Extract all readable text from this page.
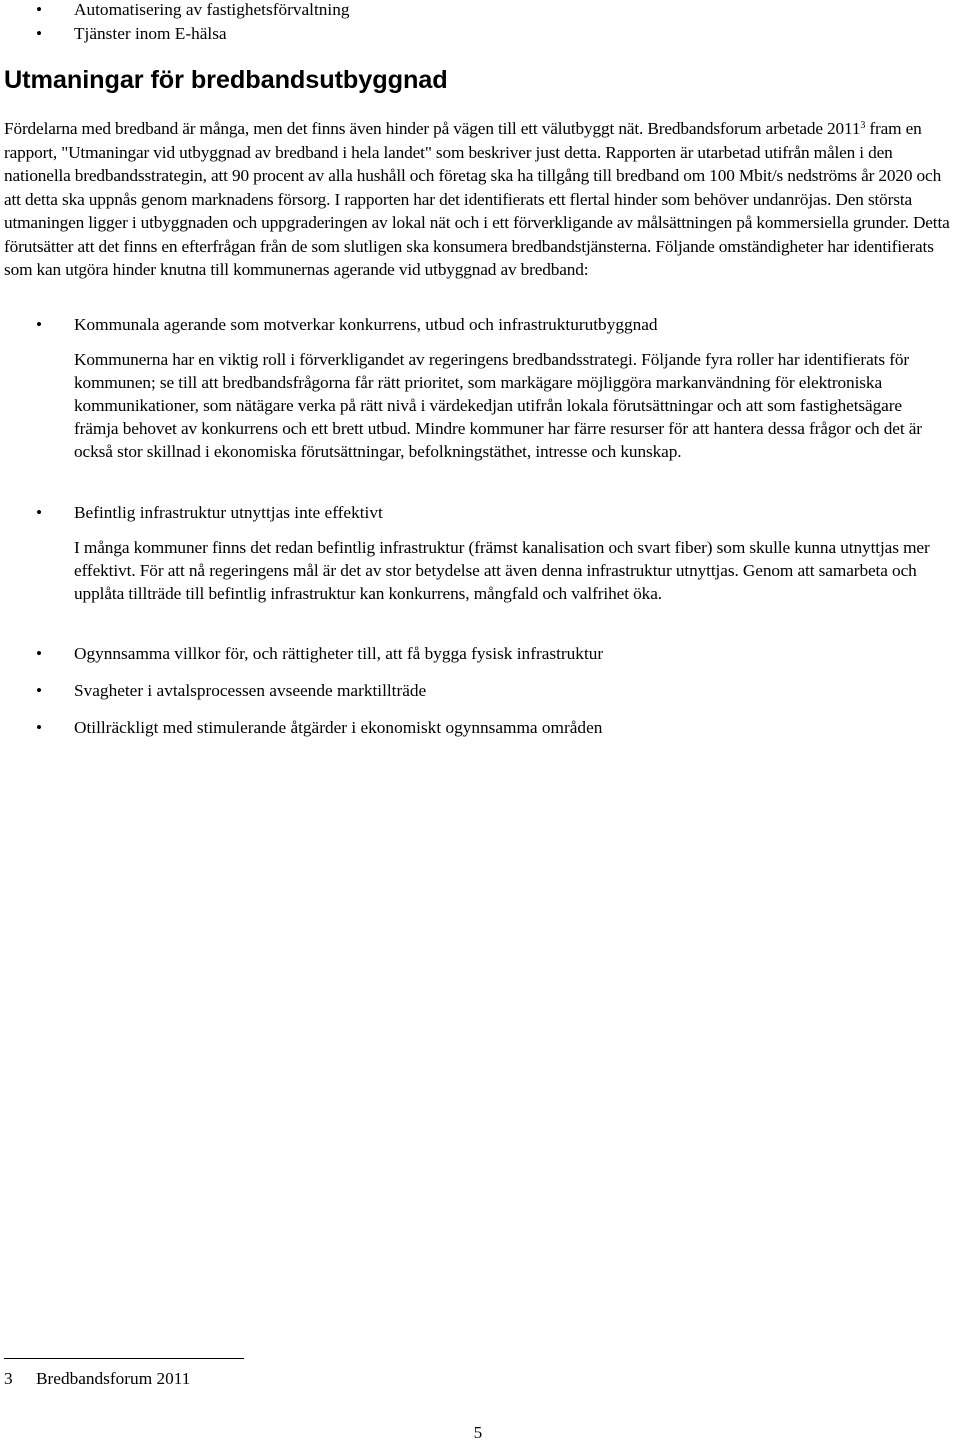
• Automatisering av fastighetsförvaltning
• Tjänster inom E-hälsa
Utmaningar för bredbandsutbyggnad

Fördelarna med bredband är många, men det finns även hinder på vägen till ett välutbyggt nät. Bredbandsforum arbetade 2011$^3$ fram en rapport, "Utmaningar vid utbyggnad av bredband i hela landet" som beskriver just detta. Rapporten är utarbetad utifrån målen i den nationella bredbandsstrategin, att 90 procent av alla hushåll och företag ska ha tillgång till bredband om 100 Mbit/s nedströms år 2020 och att detta ska uppnås genom marknadens försorg. I rapporten har det identifierats ett flertal hinder som behöver undanröjas. Den största utmaningen ligger i utbyggnaden och uppgraderingen av lokal nät och i ett förverkligande av målsättningen på kommersiella grunder. Detta förutsätter att det finns en efterfrågan från de som slutligen ska konsumera bredbandstjänsterna. Följande omständigheter har identifierats som kan utgöra hinder knutna till kommunernas agerande vid utbyggnad av bredband:

• Kommunala agerande som motverkar konkurrens, utbud och infrastrukturutbyggnad
Kommunerna har en viktig roll i förverkligandet av regeringens bredbandsstrategi. Följande fyra roller har identifierats för kommunen; se till att bredbandsfrågorna får rätt prioritet, som markägare möjliggöra markanvändning för elektroniska kommunikationer, som nätägare verka på rätt nivå i värdekedjan utifrån lokala förutsättningar och att som fastighetsägare främja behovet av konkurrens och ett brett utbud. Mindre kommuner har färre resurser för att hantera dessa frågor och det är också stor skillnad i ekonomiska förutsättningar, befolkningstäthet, intresse och kunskap.
• Befintlig infrastruktur utnyttjas inte effektivt
I många kommuner finns det redan befintlig infrastruktur (främst kanalisation och svart fiber) som skulle kunna utnyttjas mer effektivt. För att nå regeringens mål är det av stor betydelse att även denna infrastruktur utnyttjas. Genom att samarbeta och upplåta tillträde till befintlig infrastruktur kan konkurrens, mångfald och valfrihet öka.
• Ogynnsamma villkor för, och rättigheter till, att få bygga fysisk infrastruktur
• Svagheter i avtalsprocessen avseende marktillträde
• Otillräckligt med stimulerande åtgärder i ekonomiskt ogynnsamma områden
3 Bredbandsforum 2011
5
